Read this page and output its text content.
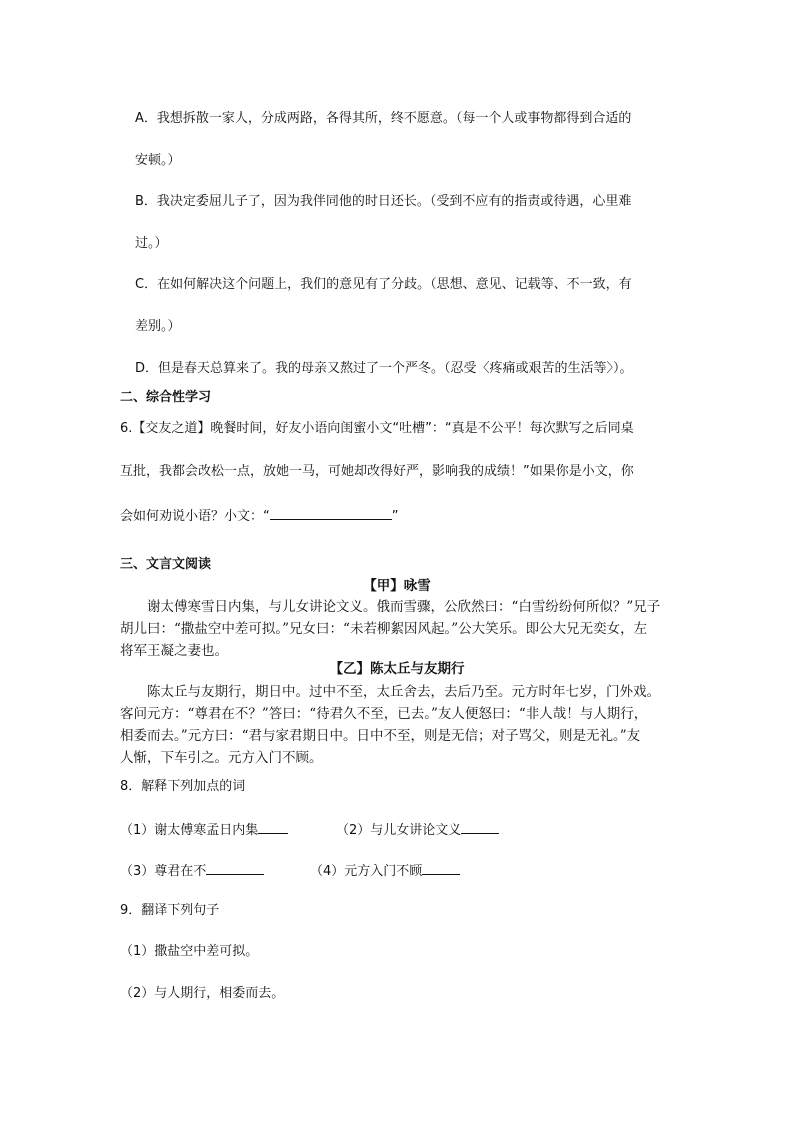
A．我想拆散一家人，分成两路，各得其所，终不愿意。（每一个人或事物都得到合适的
安顿。）
B．我决定委屈儿子了，因为我伴同他的时日还长。（受到不应有的指责或待遇，心里难
过。）
C．在如何解决这个问题上，我们的意见有了分歧。（思想、意见、记载等、不一致，有
差别。）
D．但是春天总算来了。我的母亲又熬过了一个严冬。（忍受〈疼痛或艰苦的生活等〉）。
二、综合性学习
6.【交友之道】晚餐时间，好友小语向闺蜜小文“吐槽”：“真是不公平！每次默写之后同桌
互批，我都会改松一点，放她一马，可她却改得好严，影响我的成绩！”如果你是小文，你
会如何劝说小语？小文：“	”
三、文言文阅读
【甲】咏雪
谢太傅寒雪日内集，与儿女讲论文义。俄而雪骤，公欣然曰：“白雪纷纷何所似？”兄子
胡儿曰：“撒盐空中差可拟。”兄女曰：“未若柳絮因风起。”公大笑乐。即公大兄无奕女，左
将军王凝之妻也。
【乙】陈太丘与友期行
陈太丘与友期行，期日中。过中不至，太丘舍去，去后乃至。元方时年七岁，门外戏。
客问元方：“尊君在不？”答曰：“待君久不至，已去。”友人便怒曰：“非人哉！与人期行，
相委而去。”元方曰：“君与家君期日中。日中不至，则是无信；对子骂父，则是无礼。”友
人惭，下车引之。元方入门不顾。
8．解释下列加点的词
（1）谢太傅寒孟日内集	（2）与儿女讲论文义
（3）尊君在不	（4）元方入门不顾
9．翻译下列句子
（1）撒盐空中差可拟。
（2）与人期行，相委而去。
